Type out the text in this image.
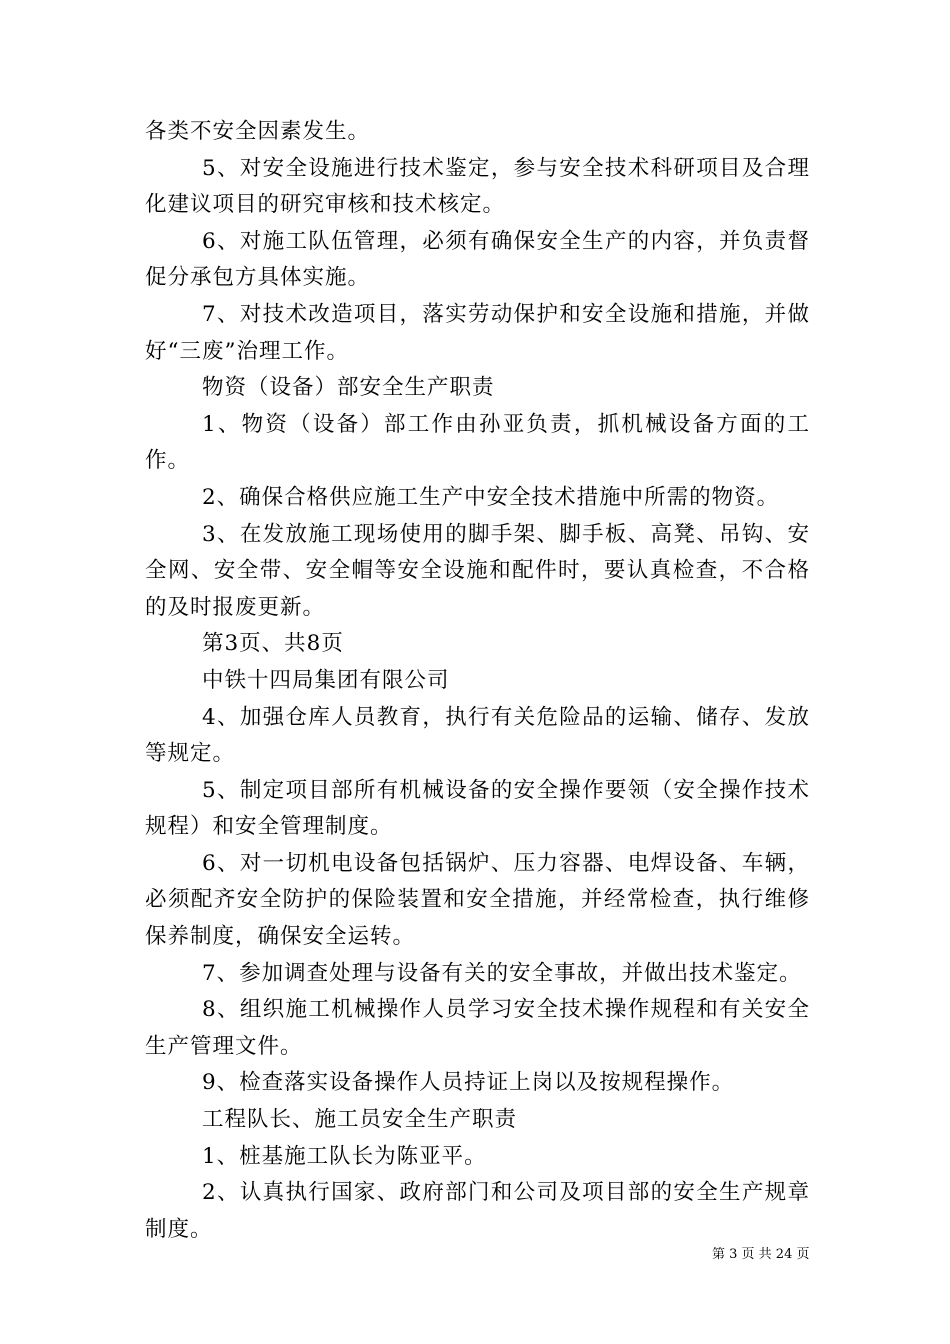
各类不安全因素发生。

5、对安全设施进行技术鉴定，参与安全技术科研项目及合理化建议项目的研究审核和技术核定。

6、对施工队伍管理，必须有确保安全生产的内容，并负责督促分承包方具体实施。

7、对技术改造项目，落实劳动保护和安全设施和措施，并做好“三废”治理工作。

物资（设备）部安全生产职责

1、物资（设备）部工作由孙亚负责，抓机械设备方面的工作。

2、确保合格供应施工生产中安全技术措施中所需的物资。

3、在发放施工现场使用的脚手架、脚手板、高凳、吊钩、安全网、安全带、安全帽等安全设施和配件时，要认真检查，不合格的及时报废更新。

第3页、共8页

中铁十四局集团有限公司

4、加强仓库人员教育，执行有关危险品的运输、储存、发放等规定。

5、制定项目部所有机械设备的安全操作要领（安全操作技术规程）和安全管理制度。

6、对一切机电设备包括锅炉、压力容器、电焊设备、车辆，必须配齐安全防护的保险装置和安全措施，并经常检查，执行维修保养制度，确保安全运转。

7、参加调查处理与设备有关的安全事故，并做出技术鉴定。

8、组织施工机械操作人员学习安全技术操作规程和有关安全生产管理文件。

9、检查落实设备操作人员持证上岗以及按规程操作。

工程队长、施工员安全生产职责

1、桩基施工队长为陈亚平。

2、认真执行国家、政府部门和公司及项目部的安全生产规章制度。

第 3 页 共 24 页
